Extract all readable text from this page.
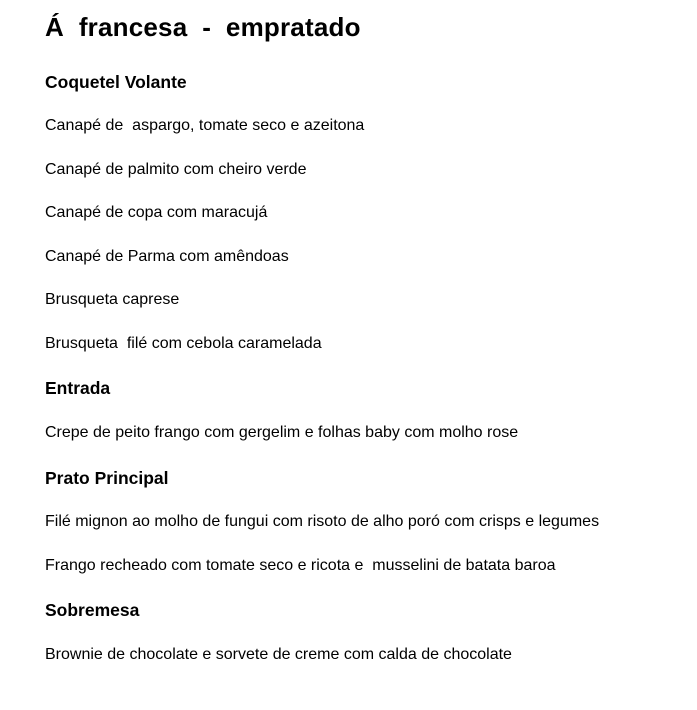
Á  francesa  -  empratado
Coquetel Volante
Canapé de  aspargo, tomate seco e azeitona
Canapé de palmito com cheiro verde
Canapé de copa com maracujá
Canapé de Parma com amêndoas
Brusqueta caprese
Brusqueta  filé com cebola caramelada
Entrada
Crepe de peito frango com gergelim e folhas baby com molho rose
Prato Principal
Filé mignon ao molho de fungui com risoto de alho poró com crisps e legumes
Frango recheado com tomate seco e ricota e  musselini de batata baroa
Sobremesa
Brownie de chocolate e sorvete de creme com calda de chocolate
